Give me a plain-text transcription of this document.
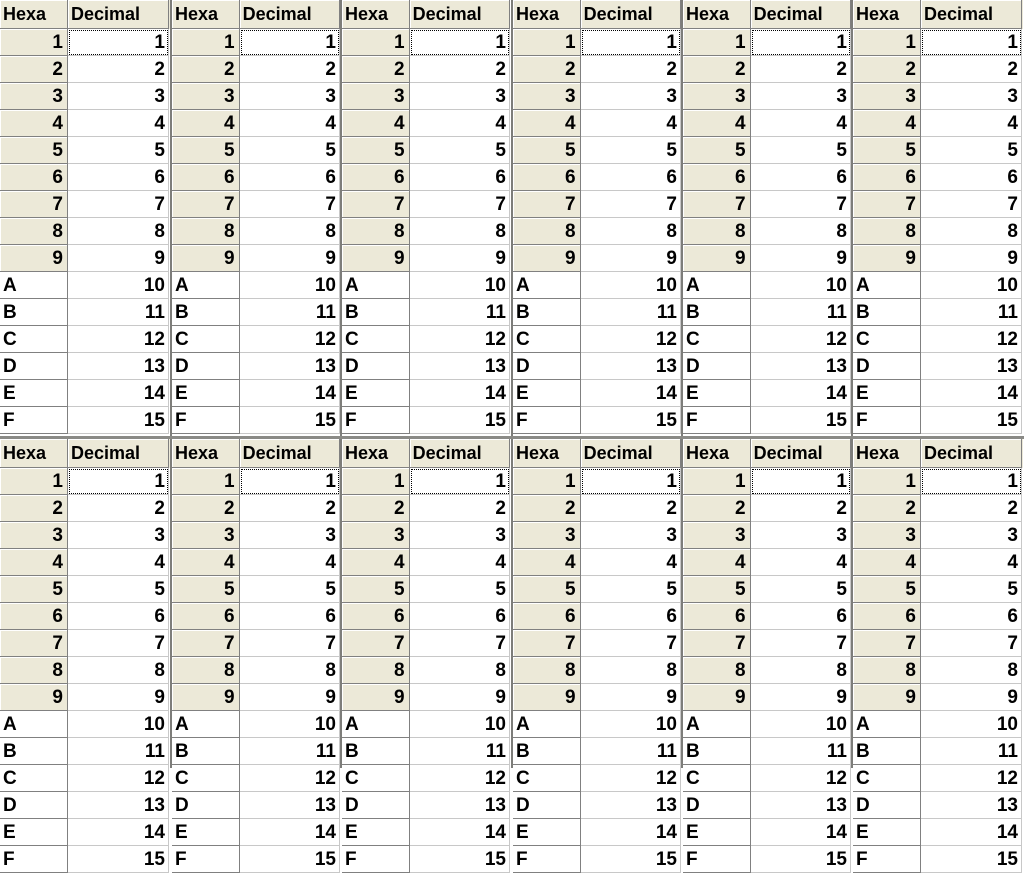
Hexa	Decimal
1	1
2	2
3	3
4	4
5	5
6	6
7	7
8	8
9	9
A	10
B	11
C	12
D	13
E	14
F	15
Hexa	Decimal
1	1
2	2
3	3
4	4
5	5
6	6
7	7
8	8
9	9
A	10
B	11
C	12
D	13
E	14
F	15
Hexa	Decimal
1	1
2	2
3	3
4	4
5	5
6	6
7	7
8	8
9	9
A	10
B	11
C	12
D	13
E	14
F	15
Hexa	Decimal
1	1
2	2
3	3
4	4
5	5
6	6
7	7
8	8
9	9
A	10
B	11
C	12
D	13
E	14
F	15
Hexa	Decimal
1	1
2	2
3	3
4	4
5	5
6	6
7	7
8	8
9	9
A	10
B	11
C	12
D	13
E	14
F	15
Hexa	Decimal
1	1
2	2
3	3
4	4
5	5
6	6
7	7
8	8
9	9
A	10
B	11
C	12
D	13
E	14
F	15
Hexa	Decimal
1	1
2	2
3	3
4	4
5	5
6	6
7	7
8	8
9	9
A	10
B	11
C	12
D	13
E	14
F	15
Hexa	Decimal
1	1
2	2
3	3
4	4
5	5
6	6
7	7
8	8
9	9
A	10
B	11
C	12
D	13
E	14
F	15
Hexa	Decimal
1	1
2	2
3	3
4	4
5	5
6	6
7	7
8	8
9	9
A	10
B	11
C	12
D	13
E	14
F	15
Hexa	Decimal
1	1
2	2
3	3
4	4
5	5
6	6
7	7
8	8
9	9
A	10
B	11
C	12
D	13
E	14
F	15
Hexa	Decimal
1	1
2	2
3	3
4	4
5	5
6	6
7	7
8	8
9	9
A	10
B	11
C	12
D	13
E	14
F	15
Hexa	Decimal
1	1
2	2
3	3
4	4
5	5
6	6
7	7
8	8
9	9
A	10
B	11
C	12
D	13
E	14
F	15
